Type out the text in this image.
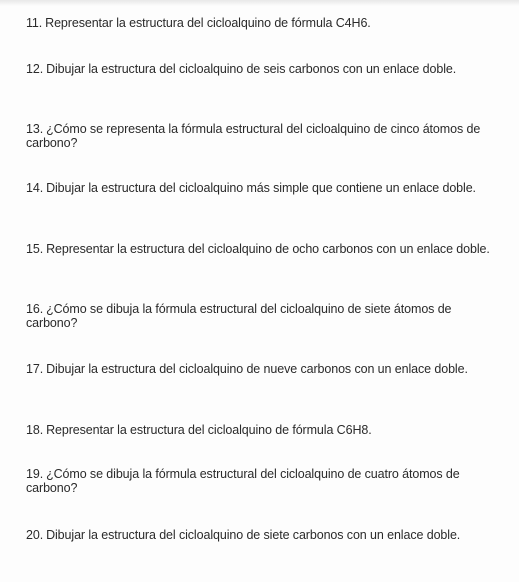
11. Representar la estructura del cicloalquino de fórmula C4H6.
12. Dibujar la estructura del cicloalquino de seis carbonos con un enlace doble.
13. ¿Cómo se representa la fórmula estructural del cicloalquino de cinco átomos de carbono?
14. Dibujar la estructura del cicloalquino más simple que contiene un enlace doble.
15. Representar la estructura del cicloalquino de ocho carbonos con un enlace doble.
16. ¿Cómo se dibuja la fórmula estructural del cicloalquino de siete átomos de carbono?
17. Dibujar la estructura del cicloalquino de nueve carbonos con un enlace doble.
18. Representar la estructura del cicloalquino de fórmula C6H8.
19. ¿Cómo se dibuja la fórmula estructural del cicloalquino de cuatro átomos de carbono?
20. Dibujar la estructura del cicloalquino de siete carbonos con un enlace doble.
